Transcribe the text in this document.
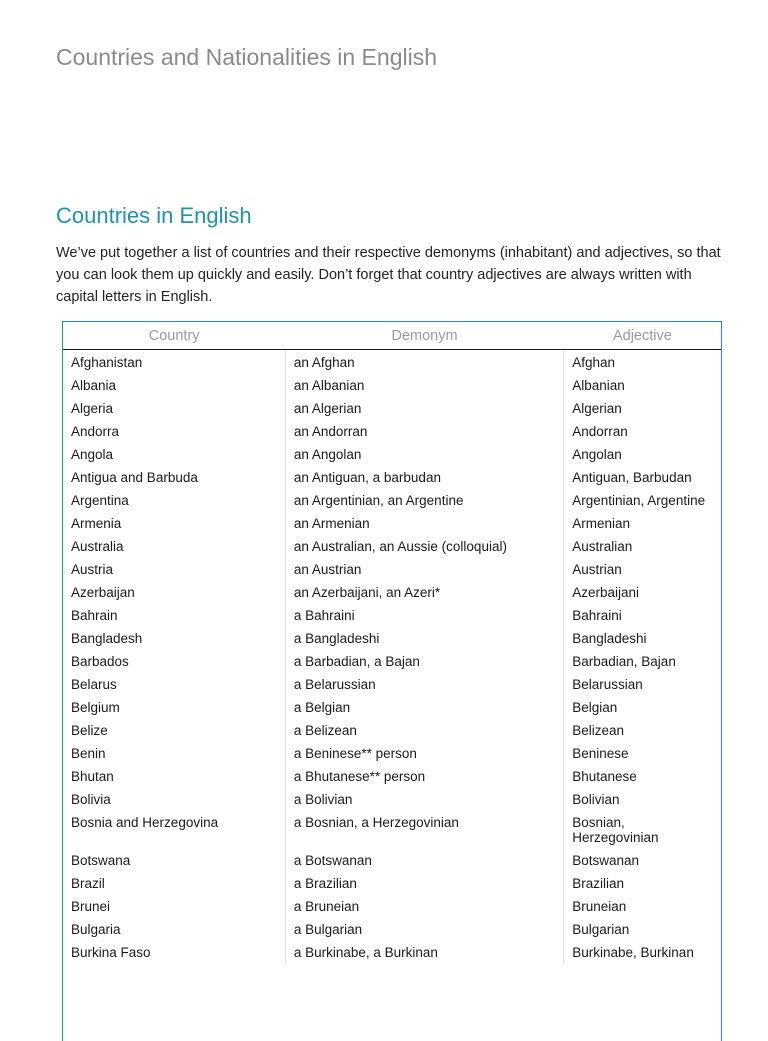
Countries and Nationalities in English
Countries in English

We’ve put together a list of countries and their respective demonyms (inhabitant) and adjectives, so that you can look them up quickly and easily. Don’t forget that country adjectives are always written with capital letters in English.

Country	Demonym	Adjective
Afghanistan	an Afghan	Afghan
Albania	an Albanian	Albanian
Algeria	an Algerian	Algerian
Andorra	an Andorran	Andorran
Angola	an Angolan	Angolan
Antigua and Barbuda	an Antiguan, a barbudan	Antiguan, Barbudan
Argentina	an Argentinian, an Argentine	Argentinian, Argentine
Armenia	an Armenian	Armenian
Australia	an Australian, an Aussie (colloquial)	Australian
Austria	an Austrian	Austrian
Azerbaijan	an Azerbaijani, an Azeri*	Azerbaijani
Bahrain	a Bahraini	Bahraini
Bangladesh	a Bangladeshi	Bangladeshi
Barbados	a Barbadian, a Bajan	Barbadian, Bajan
Belarus	a Belarussian	Belarussian
Belgium	a Belgian	Belgian
Belize	a Belizean	Belizean
Benin	a Beninese** person	Beninese
Bhutan	a Bhutanese** person	Bhutanese
Bolivia	a Bolivian	Bolivian
Bosnia and Herzegovina	a Bosnian, a Herzegovinian	Bosnian, Herzegovinian
Botswana	a Botswanan	Botswanan
Brazil	a Brazilian	Brazilian
Brunei	a Bruneian	Bruneian
Bulgaria	a Bulgarian	Bulgarian
Burkina Faso	a Burkinabe, a Burkinan	Burkinabe, Burkinan
